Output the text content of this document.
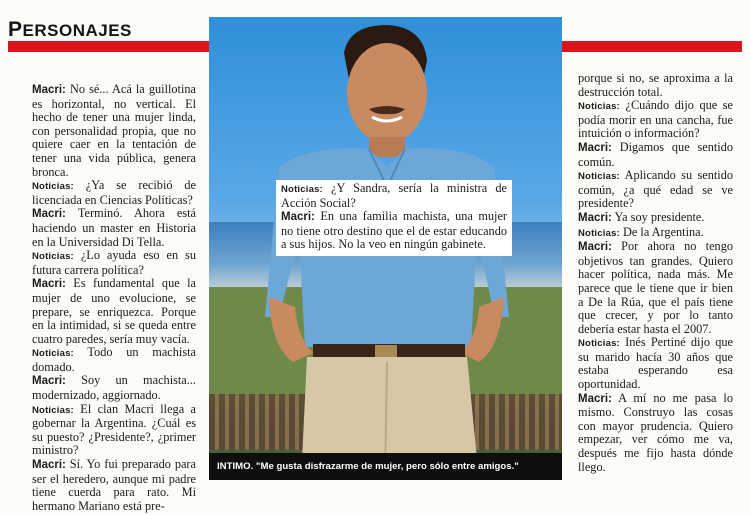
PERSONAJES

Macri: No sé... Acá la guillotina es horizontal, no vertical. El hecho de tener una mujer linda, con personalidad propia, que no quiere caer en la tentación de tener una vida pública, genera bronca.

Noticias: ¿Ya se recibió de licenciada en Ciencias Políticas?

Macri: Terminó. Ahora está haciendo un master en Historia en la Universidad Di Tella.

Noticias: ¿Lo ayuda eso en su futura carrera política?

Macri: Es fundamental que la mujer de uno evolucione, se prepare, se enriquezca. Porque en la intimidad, si se queda entre cuatro paredes, sería muy vacía.

Noticias: Todo un machista domado.

Macri: Soy un machista... modernizado, aggiornado.

Noticias: El clan Macri llega a gobernar la Argentina. ¿Cuál es su puesto? ¿Presidente?, ¿primer ministro?

Macri: Sí. Yo fui preparado para ser el heredero, aunque mi padre tiene cuerda para rato. Mi hermano Mariano está pre-

Noticias: ¿Y Sandra, sería la ministra de Acción Social?

Macri: En una familia machista, una mujer no tiene otro destino que el de estar educando a sus hijos. No la veo en ningún gabinete.

INTIMO. "Me gusta disfrazarme de mujer, pero sólo entre amigos."

porque si no, se aproxima a la destrucción total.

Noticias: ¿Cuándo dijo que se podía morir en una cancha, fue intuición o información?

Macri: Digamos que sentido común.

Noticias: Aplicando su sentido común, ¿a qué edad se ve presidente?

Macri: Ya soy presidente.

Noticias: De la Argentina.

Macri: Por ahora no tengo objetivos tan grandes. Quiero hacer política, nada más. Me parece que le tiene que ir bien a De la Rúa, que el país tiene que crecer, y por lo tanto debería estar hasta el 2007.

Noticias: Inés Pertiné dijo que su marido hacía 30 años que estaba esperando esa oportunidad.

Macri: A mí no me pasa lo mismo. Construyo las cosas con mayor prudencia. Quiero empezar, ver cómo me va, después me fijo hasta dónde llego.
